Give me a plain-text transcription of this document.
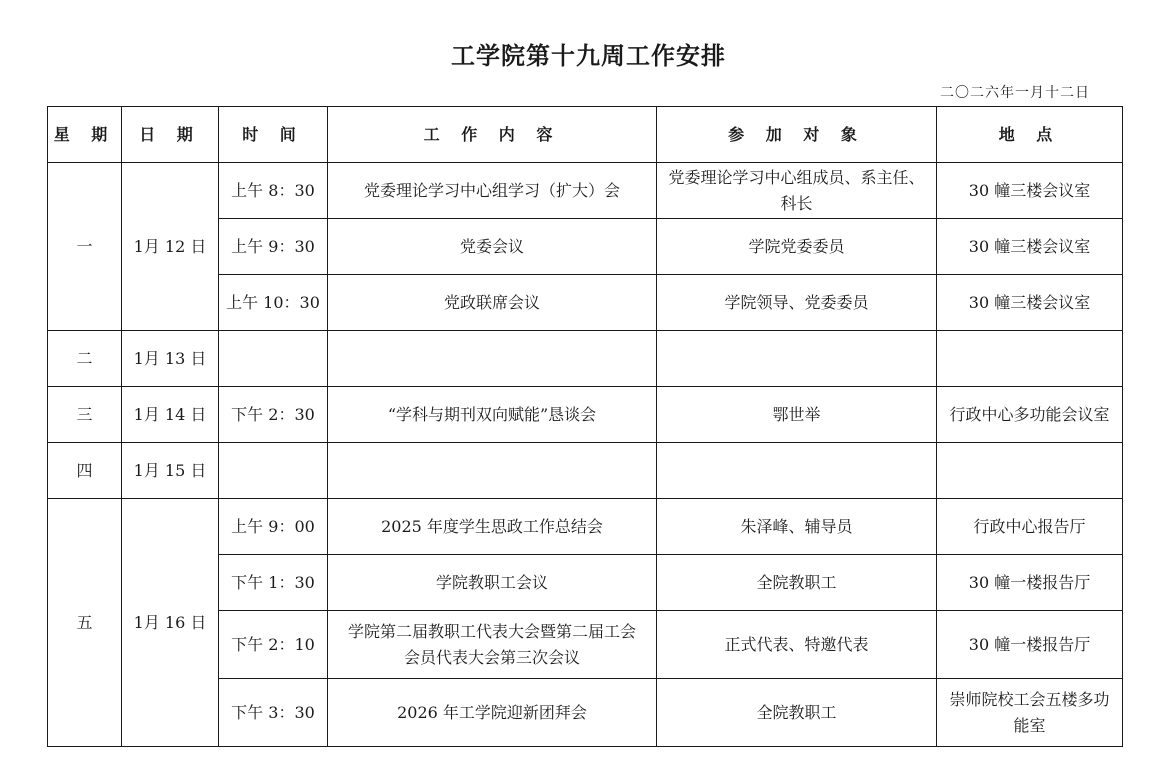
工学院第十九周工作安排
二〇二六年一月十二日
星 期	日 期	时 间	工 作 内 容	参 加 对 象	地 点
一	1月 12 日	上午 8：30	党委理论学习中心组学习（扩大）会	党委理论学习中心组成员、系主任、科长	30 幢三楼会议室
		上午 9：30	党委会议	学院党委委员	30 幢三楼会议室
		上午 10：30	党政联席会议	学院领导、党委委员	30 幢三楼会议室
二	1月 13 日				
三	1月 14 日	下午 2：30	“学科与期刊双向赋能”恳谈会	鄂世举	行政中心多功能会议室
四	1月 15 日				
五	1月 16 日	上午 9：00	2025 年度学生思政工作总结会	朱泽峰、辅导员	行政中心报告厅
		下午 1：30	学院教职工会议	全院教职工	30 幢一楼报告厅
		下午 2：10	学院第二届教职工代表大会暨第二届工会会员代表大会第三次会议	正式代表、特邀代表	30 幢一楼报告厅
		下午 3：30	2026 年工学院迎新团拜会	全院教职工	崇师院校工会五楼多功能室
